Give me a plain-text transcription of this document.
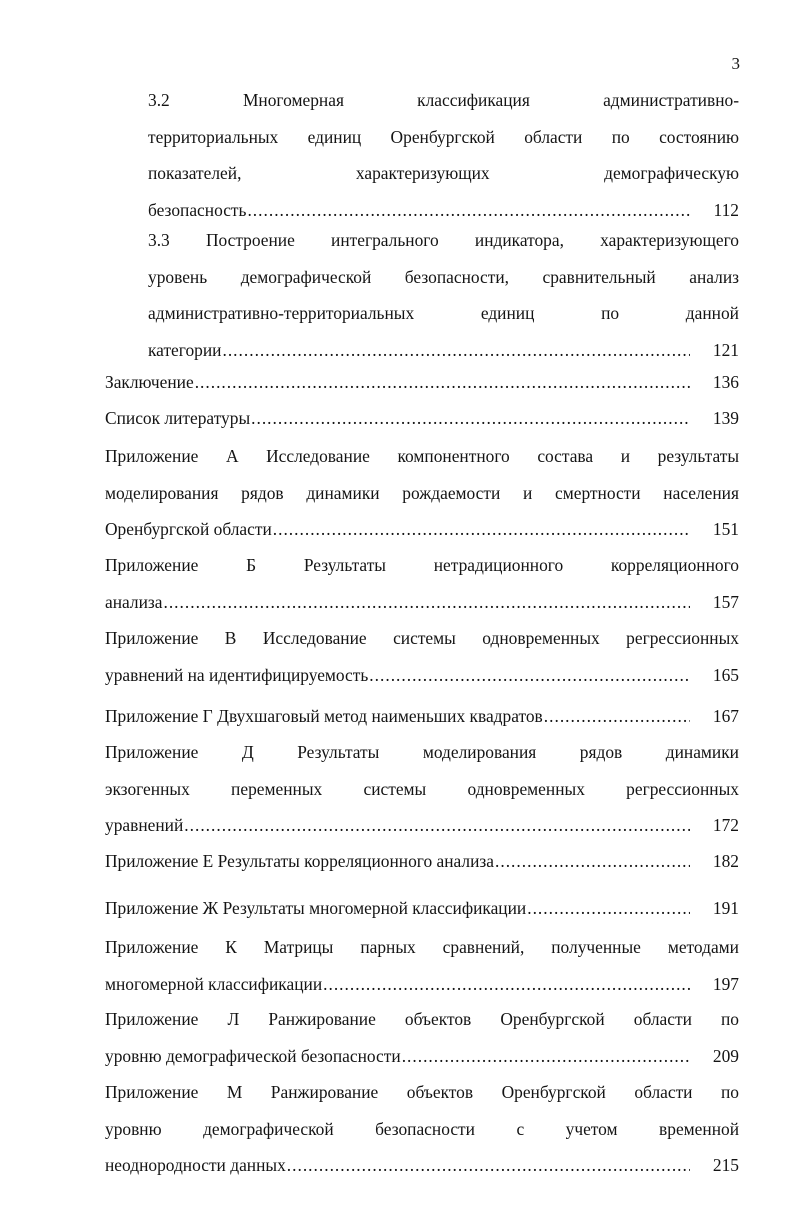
3
3.2 Многомерная классификация административно-
территориальных единиц Оренбургской области по состоянию
показателей, характеризующих демографическую
безопасность .....	112
3.3 Построение интегрального индикатора, характеризующего
уровень демографической безопасности, сравнительный анализ
административно-территориальных единиц по данной
категории .....	121
Заключение .....	136
Список литературы .....	139
Приложение А Исследование компонентного состава и результаты
моделирования рядов динамики рождаемости и смертности населения
Оренбургской области .....	151
Приложение Б Результаты нетрадиционного корреляционного
анализа .....	157
Приложение В Исследование системы одновременных регрессионных
уравнений на идентифицируемость .....	165
Приложение Г Двухшаговый метод наименьших квадратов .....	167
Приложение Д Результаты моделирования рядов динамики
экзогенных переменных системы одновременных регрессионных
уравнений .....	172
Приложение Е Результаты корреляционного анализа .....	182
Приложение Ж Результаты многомерной классификации .....	191
Приложение К Матрицы парных сравнений, полученные методами
многомерной классификации .....	197
Приложение Л Ранжирование объектов Оренбургской области по
уровню демографической безопасности .....	209
Приложение М Ранжирование объектов Оренбургской области по
уровню демографической безопасности с учетом временной
неоднородности данных .....	215
